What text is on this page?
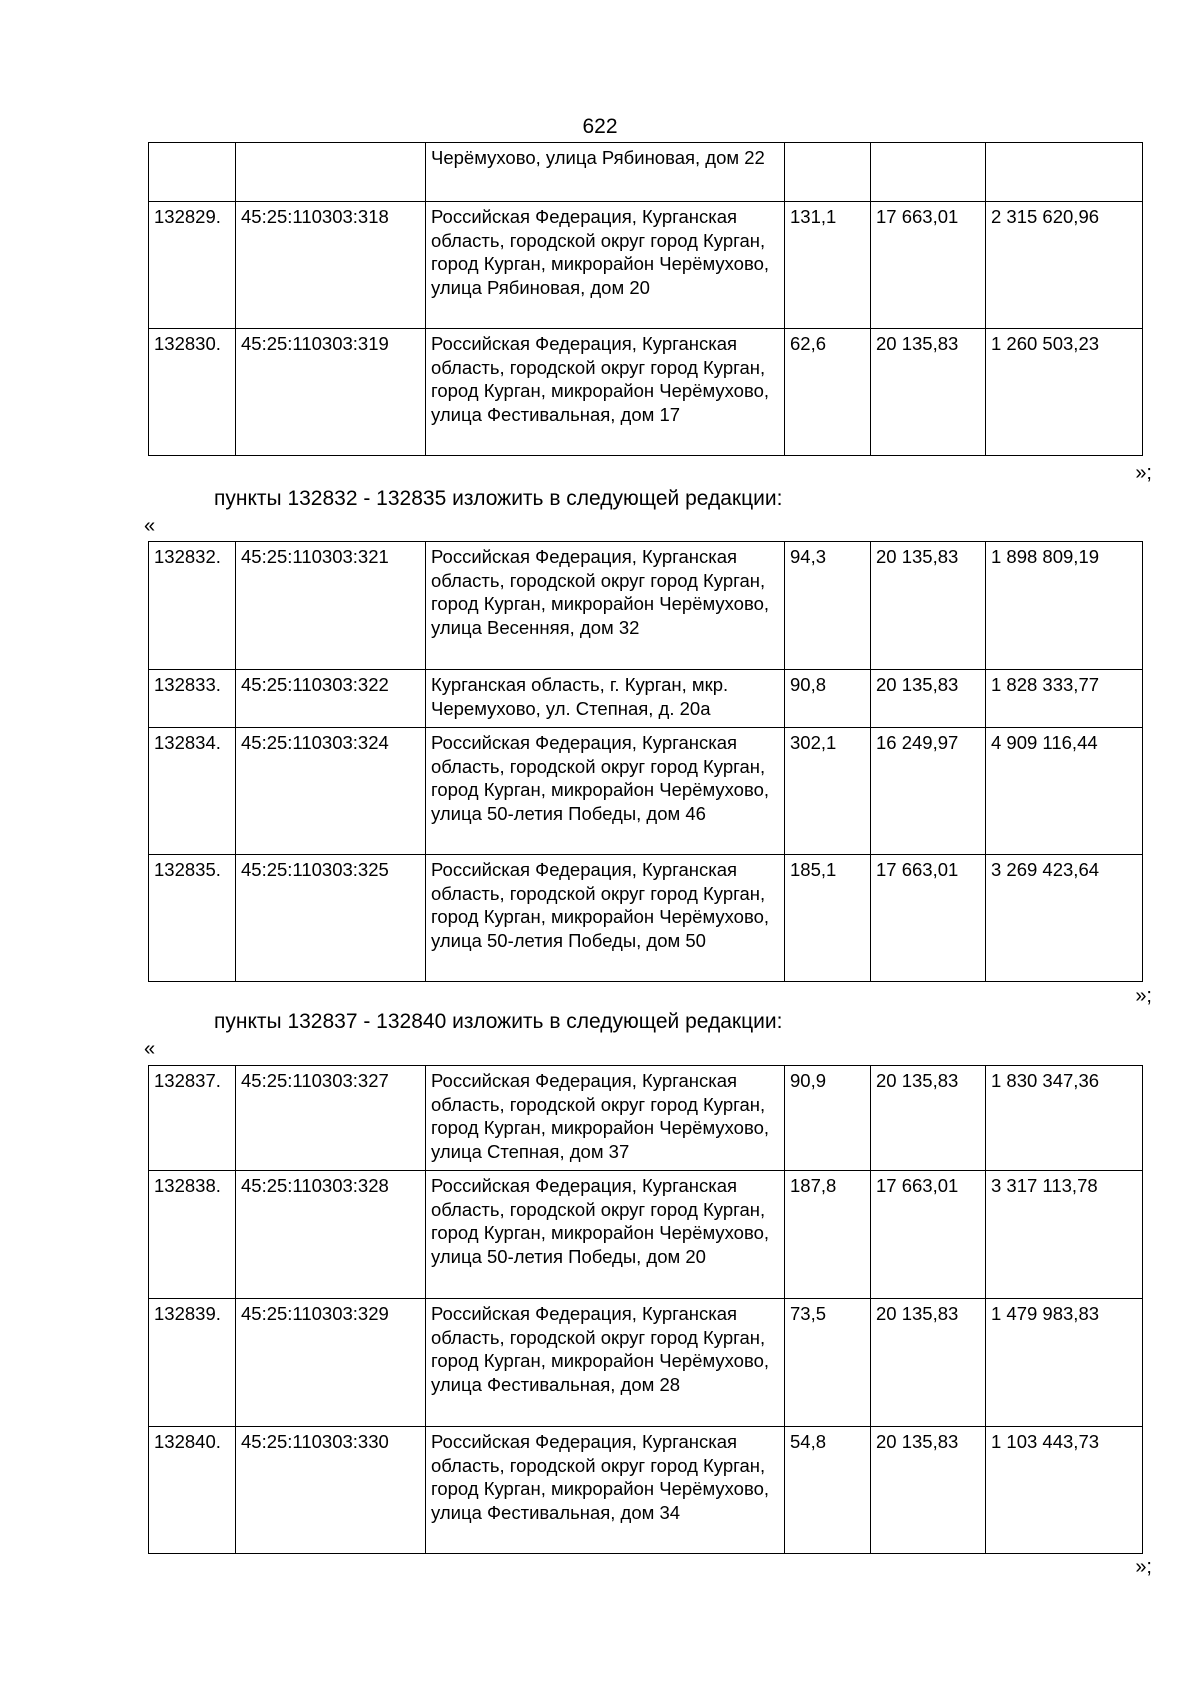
622
		Черёмухово, улица Рябиновая, дом 22			
132829.	45:25:110303:318	Российская Федерация, Курганская область, городской округ город Курган, город Курган, микрорайон Черёмухово, улица Рябиновая, дом 20	131,1	17 663,01	2 315 620,96
132830.	45:25:110303:319	Российская Федерация, Курганская область, городской округ город Курган, город Курган, микрорайон Черёмухово, улица Фестивальная, дом 17	62,6	20 135,83	1 260 503,23
»;
пункты 132832 - 132835 изложить в следующей редакции:
«
132832.	45:25:110303:321	Российская Федерация, Курганская область, городской округ город Курган, город Курган, микрорайон Черёмухово, улица Весенняя, дом 32	94,3	20 135,83	1 898 809,19
132833.	45:25:110303:322	Курганская область, г. Курган, мкр. Черемухово, ул. Степная, д. 20а	90,8	20 135,83	1 828 333,77
132834.	45:25:110303:324	Российская Федерация, Курганская область, городской округ город Курган, город Курган, микрорайон Черёмухово, улица 50-летия Победы, дом 46	302,1	16 249,97	4 909 116,44
132835.	45:25:110303:325	Российская Федерация, Курганская область, городской округ город Курган, город Курган, микрорайон Черёмухово, улица 50-летия Победы, дом 50	185,1	17 663,01	3 269 423,64
»;
пункты 132837 - 132840 изложить в следующей редакции:
«
132837.	45:25:110303:327	Российская Федерация, Курганская область, городской округ город Курган, город Курган, микрорайон Черёмухово, улица Степная, дом 37	90,9	20 135,83	1 830 347,36
132838.	45:25:110303:328	Российская Федерация, Курганская область, городской округ город Курган, город Курган, микрорайон Черёмухово, улица 50-летия Победы, дом 20	187,8	17 663,01	3 317 113,78
132839.	45:25:110303:329	Российская Федерация, Курганская область, городской округ город Курган, город Курган, микрорайон Черёмухово, улица Фестивальная, дом 28	73,5	20 135,83	1 479 983,83
132840.	45:25:110303:330	Российская Федерация, Курганская область, городской округ город Курган, город Курган, микрорайон Черёмухово, улица Фестивальная, дом 34	54,8	20 135,83	1 103 443,73
»;
